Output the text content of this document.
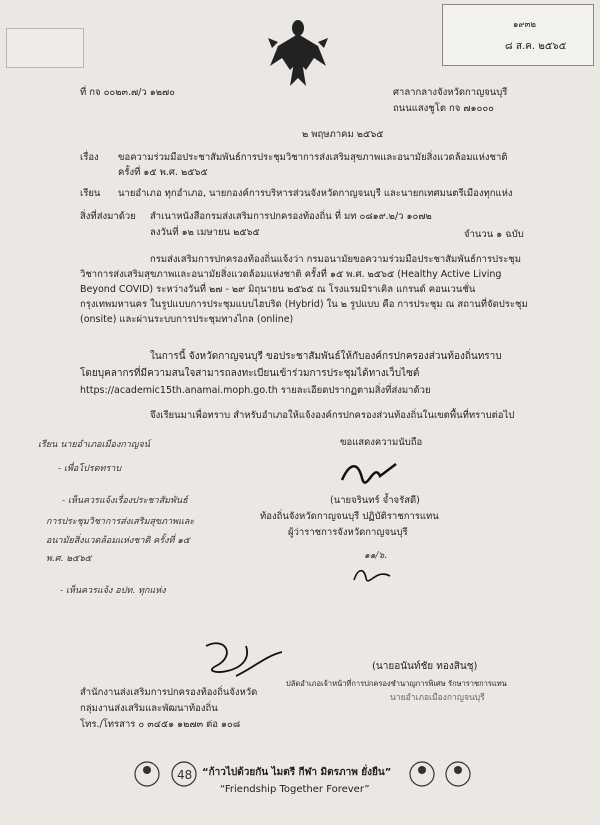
๑๙๓๒
๘ ส.ค. ๒๕๖๕
ที่ กจ ๐๐๒๓.๗/ว ๑๒๗๐	ศาลากลางจังหวัดกาญจนบุรี
ถนนแสงชูโต กจ ๗๑๐๐๐
๒ พฤษภาคม ๒๕๖๕
เรื่อง ขอความร่วมมือประชาสัมพันธ์การประชุมวิชาการส่งเสริมสุขภาพและอนามัยสิ่งแวดล้อมแห่งชาติ
ครั้งที่ ๑๕ พ.ศ. ๒๕๖๕
เรียน นายอำเภอ ทุกอำเภอ, นายกองค์การบริหารส่วนจังหวัดกาญจนบุรี และนายกเทศมนตรีเมืองทุกแห่ง
สิ่งที่ส่งมาด้วย สำเนาหนังสือกรมส่งเสริมการปกครองท้องถิ่น ที่ มท ๐๘๑๙.๒/ว ๑๐๗๒
ลงวันที่ ๑๒ เมษายน ๒๕๖๕	จำนวน ๑ ฉบับ
กรมส่งเสริมการปกครองท้องถิ่นแจ้งว่า กรมอนามัยขอความร่วมมือประชาสัมพันธ์การประชุม
วิชาการส่งเสริมสุขภาพและอนามัยสิ่งแวดล้อมแห่งชาติ ครั้งที่ ๑๕ พ.ศ. ๒๕๖๕ (Healthy Active Living
Beyond COVID) ระหว่างวันที่ ๒๗ - ๒๙ มิถุนายน ๒๕๖๕ ณ โรงแรมมิราเคิล แกรนด์ คอนเวนชั่น
กรุงเทพมหานคร ในรูปแบบการประชุมแบบไฮบริด (Hybrid) ใน ๒ รูปแบบ คือ การประชุม ณ สถานที่จัดประชุม
(onsite) และผ่านระบบการประชุมทางไกล (online)
ในการนี้ จังหวัดกาญจนบุรี ขอประชาสัมพันธ์ให้กับองค์กรปกครองส่วนท้องถิ่นทราบ
โดยบุคลากรที่มีความสนใจสามารถลงทะเบียนเข้าร่วมการประชุมได้ทางเว็บไซต์
https://academic15th.anamai.moph.go.th รายละเอียดปรากฏตามสิ่งที่ส่งมาด้วย
จึงเรียนมาเพื่อทราบ สำหรับอำเภอให้แจ้งองค์กรปกครองส่วนท้องถิ่นในเขตพื้นที่ทราบต่อไป
ขอแสดงความนับถือ
(นายจรินทร์ จ้ำจรัสดี)
ท้องถิ่นจังหวัดกาญจนบุรี ปฏิบัติราชการแทน
ผู้ว่าราชการจังหวัดกาญจนบุรี
เรียน นายอำเภอเมืองกาญจน์
- เพื่อโปรดทราบ
- เห็นควรแจ้งเรื่องประชาสัมพันธ์
การประชุมวิชาการส่งเสริมสุขภาพและ
อนามัยสิ่งแวดล้อมแห่งชาติ ครั้งที่ ๑๕
พ.ศ. ๒๕๖๕
- เห็นควรแจ้ง อปท. ทุกแห่ง
๑๑/๖.
(นายอนันท์ชัย ทองสินชุ)
ปลัดอำเภอเจ้าหน้าที่การปกครองชำนาญการพิเศษ รักษาราชการแทน
นายอำเภอเมืองกาญจนบุรี
สำนักงานส่งเสริมการปกครองท้องถิ่นจังหวัด
กลุ่มงานส่งเสริมและพัฒนาท้องถิ่น
โทร./โทรสาร ๐ ๓๔๕๑ ๑๒๗๓ ต่อ ๑๐๘
48 “ก้าวไปด้วยกัน ไมตรี กีฬา มิตรภาพ ยั่งยืน”
“Friendship Together Forever”
